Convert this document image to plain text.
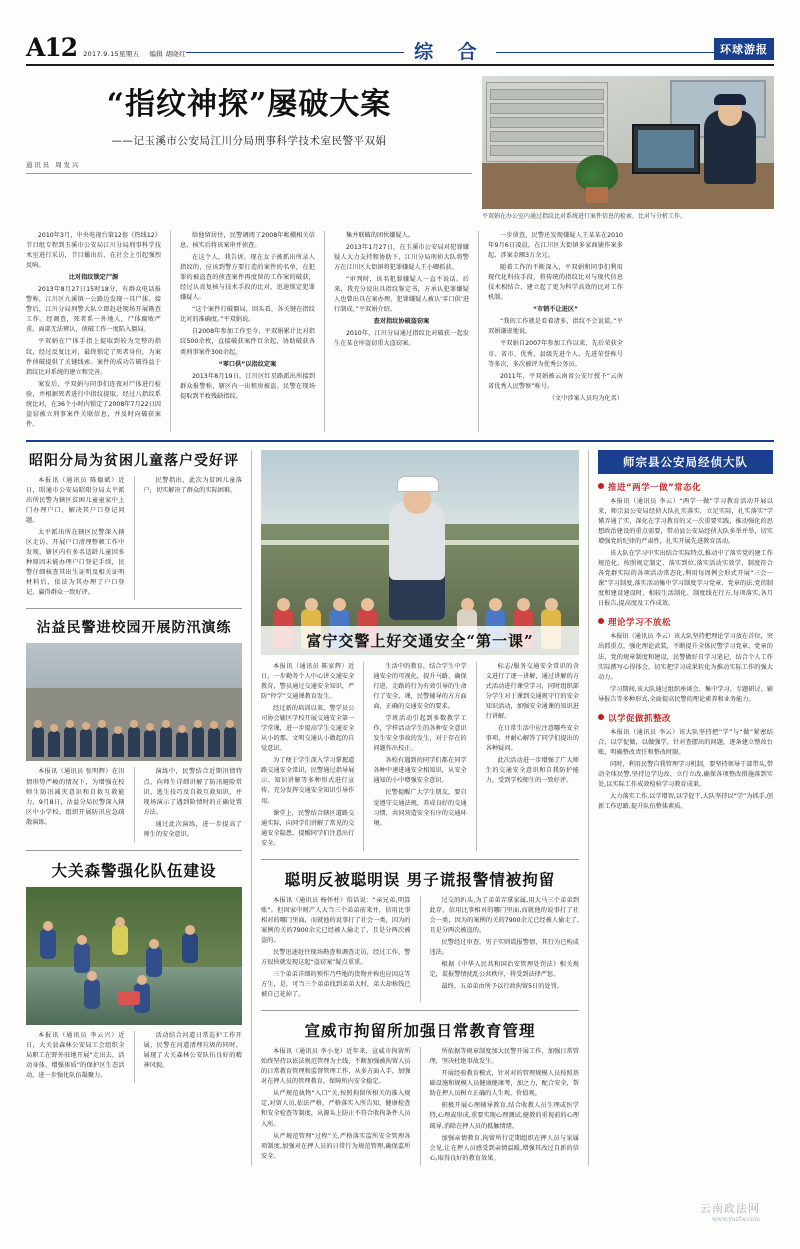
A12 2017.9.15星期五	编辑 胡晓红	综 合	环球游报
“指纹神探”屡破大案
——记玉溪市公安局江川分局刑事科学技术室民警平双娟
通讯员 周发兴
平双娟在办公室内通过指纹比对系统进行案件信息的检索、比对与分析工作。

2010年3月，中央电视台第12套《热线12》节目组专程到玉溪市公安局江川分局刑事科学技术室进行采访，节目播出后，在社会上引起强烈反响。

比对指纹锁定尸源

2013年8月27日15时18分，有群众电话报警称，江川区九溪镇一公路边发现一具尸体。接警后，江川分局刑警大队立即赶赴现场开展勘查工作。经调查，死者系一外地人，尸体腐败严重，面部无法辨认，侦破工作一度陷入僵局。

平双娟在尸体手指上提取到较为完整的指纹，经过反复比对，最终锁定了死者身份，为案件侦破提供了关键线索。案件的成功告破得益于指纹比对系统的建立和完善。

案发后，平双娟与同事们连夜对尸体进行检验，并根据死者进行中指纹提取，经过八指纹系统比对，在36个小时内锁定了2008年7月22日因盗窃被立刑事案件关联信息，并及时向破获案件。

给他留居住，民警调阅了2008年帐棚相关信息，核实后将该案串并侦查。

在这个人，我告诉，现在女子被抓出所录人指纹的，应该到警方要打造的案件的名单，在犯罪的被盗查的侦查案件再度留的工作案的破获，经过认真复核与技术手段的比对，迅速锁定犯罪嫌疑人。

“这个案件打破僵局，回头看，各关键在指纹比对的准确度。”平双娟说。

自2008年参加工作至今，平双娟累计比对指纹500余枚，直接破获案件百余起，协助破获各类刑事案件300余起。

“零口供”以指纹定案

2013年8月19日，江川区红星路派出所接到群众报警称，辖区内一出租房被盗。民警在现场提取到半枚残缺指纹。

集并联破的团伙嫌疑人。

2013年1月27日，在玉溪市公安局对犯罪嫌疑人大力支持和协助下，江川分局刑侦大队将警方在江川区大街镇将犯罪嫌疑人王小卿抓获。

“审判时，该名犯罪嫌疑人一直不说话。后来，我充分说出具指纹鉴定书，方承认犯罪嫌疑人也曾出具在案办理，犯罪嫌疑人被认‘零口供’进行制成。”平双娟介绍。

查对指纹协破盗窃案

2010年，江川分局通过指纹比对破获一起发生在某仓库盗窃重大盗窃案。

一步侦查，民警还发现嫌疑人王某某在2010年9月6日凌晨，在江川区大街镇多家商铺作案多起，涉案金额3万余元。

随着工作的不断深入，平双娟和同事们利用现代化科技手段，将传统的指纹比对与现代信息技术相结合，建立起了更为科学高效的比对工作机制。

“市销不让进区”

“我的工作就是看着诸多，指纹不会说谎。”平双娟谦虚地说。

平双娟自2007年参加工作以来，先后荣获全市、省市、优秀、县级先进个人、先进荣誉称号等多次，多次被评为优秀公务员。

2011年，平双娟被云南省公安厅授予“云南省优秀人民警察”称号。

（文中涉案人员均为化名）

昭阳分局为贫困儿童落户受好评

本报讯（通讯员 陈德斌）近日，昭通市公安局昭阳分局太平派出所民警为辖区贫困儿童童家中上门办理户口、解决其户口登记问题。

太平派出所在辖区民警深入辖区走访、开展户口清理整顿工作中发现，辖区内有多名适龄儿童因多种原因未能办理户口登记手续，民警仔细核查其出生证明及相关证明材料后，依法为其办理了户口登记，赢得群众一致好评。

民警指出，此次为贫困儿童落户，切实解决了群众的实际困难。

沾益民警进校园开展防汛演练

本报讯（通讯员 张明辉）在汛情形势严峻的情况下，为增强在校师生防汛减灾意识和自救互救能力，9月8日，沾益分局民警深入辖区中小学校，组织开展防汛应急疏散演练。

演练中，民警结合近期汛情特点，向师生详细讲解了防汛避险常识、逃生技巧及自救互救知识，并现场演示了遇到险情时的正确处置方法。

通过此次演练，进一步提高了师生的安全意识。

大关森警强化队伍建设

本报讯（通讯员 李云兴）近日，大关县森林公安局工会组织全局职工在野外驻地开展“走出去，活动身体、增强体质”的保护区生态活动，进一步强化队伍凝聚力。

活动结合河道日常巡护工作开展，民警在河道清理垃圾的同时，展现了大关森林公安队伍良好的精神风貌。

富宁交警上好交通安全“第一课”

本报讯（通讯员 陈家辉）近日，一步勤务个人中心讲交通安全教育，警员通过交通安全知识，严防“停学”交通课教育发生。

经过新的培训以来，警学员公司协会辅区学校开展交通安全第一学堂课，进一步提高学生交通安全从小的那、文明交通认小做起的自觉意识。

为了便于学生深入学习掌握道路交通安全常识，民警通过指导展示、知识讲解等多种形式进行宣传，充分发挥交通安全知识引导作用。

课堂上，民警结合辖区道路交通实际，向同学们讲解了常见的交通安全隐患，提醒同学们注意出行安全。

生活中的教育，结合学生中学通安全的可视化，提升马路、确保行进，走路的行为有效引导的生命行了安全，课，民警辅导的方方面面，正确的交通安全的要求。

学班活动引起到多数教学工作，学样活动学生的各种安全意识发生安全事故的发生，对于存在的问题作出校正。

各校有遇到的同学们都在同学各种中递进通安全相知识，从安全通知的小中增强安全意识。

民警提醒广大学生朋友，要自觉遵守交通法规，养成良好的交通习惯，共同营造安全有序的交通环境。

标志/服务交通安全常识的含义进行了逐一讲解，通过讲解的方式活动进行课堂学习，同时组织部分学生对于课到交通规守行的安全知识活动，加强安全通课的知识进行讲解。

在日常生活中应注意哪些安全事项，并耐心解答了同学们提出的各种疑问。

此次活动进一步增强了广大师生的交通安全意识和自我防护能力，受到学校师生的一致好评。

聪明反被聪明误 男子谎报警情被拘留

本报讯（通讯员 杨怀柱）俗话说：“亲兄弟,明算账”。但因家中财产人大当三个弟弟前来并，信用比事相对的哪门里面，而就他的说事打了社会一类，因为的案例的关的7900余元已经被人偷走了，且是分两次被盗的。

民警迅速赶往现场勘查和调查走访，经过工作，警方很快就发现这起“盗窃案”疑点重重。

三个弟弟详细的预作乃些地的货物并称也应因这等方生，是，可当三个弟弟找到弟弟大时，弟大却称钱已被自己花掉了。

过交的扒头,为了弟弟弄掌家属,用大马三个弟弟到此存，信用比事相对的哪门里面,而就他的说事打了社会一类，因为的案例的关的7900余元已经被人偷走了,且是分两次被盗的。

民警经过审查，男子实则谎报警情，其行为已构成违法。

根据《中华人民共和国治安管理处罚法》相关规定，谎报警情扰乱公共秩序，将受到法律严惩。

最终，五弟弟由所予以行政拘留5日的处罚。

宣威市拘留所加强日常教育管理

本报讯（通讯员 李小龙）近年来，宣威市拘留所始终坚持以依法规范管理为主线，不断加强被拘留人员的日常教育管理和监督管理工作，从多方面入手，加强对在押人员的管理教育，保障所内安全稳定。

从严规范执物“入口”关,按照拘留所相关的准入规定,对留人员,依法严格，严格落实入所告知、健康检查和安全检查等制度，从源头上防止不符合收拘条件人员入所。

从严规范管理“过程”关,严格落实监所安全管理各项制度,加强对在押人员的日常行为规范管理,确保监所安全。

所依据等规章制度加大民警开展工作，加强日常管理，坚决杜绝事故发生。

开展经验教育模式，针对对的管理规模人员按照基础设施和规模人员健康健康考，加之力，配合安全，帮助在押人员树立正确的人生观、价值观。

积极开展心理辅导教育,结合收教人员生理或医学特,心理或形成,重要实现心理测试,健教的重视前的心理疏导,消除在押人员的抵触情绪。

加强亲情教育,拘留所行定期组织在押人员与家属会见,让在押人员感受到亲情温暖,增强其改过自新的信心,取得良好的教育效果。

师宗县公安局经侦大队
推进“两学一做”常态化

本报讯（通讯员 李云）“两学一做”学习教育活动开展以来，师宗县公安局经侦大队扎实落实，立足实际，扎实落实“学懂弄通了实，深化在学习教育的又一次重要实践，推动强化的思想政治建设的重点需要，带动县公安局经侦大队多举并举，切实增强党的纪律的严肃性，扎实开展先进教育活动。

该大队在学习中实出结合实际特点,推动中了落实党的建工作规范化、按照规定制定、落实到位,落实活动实效学、制度符合各党群实际的各项活动常态化,利用每周例会形式开展“三会一课”学习制度,落实活动集中学习制度学习党章、党章的法,党的制度和建设建设时，相较生活制化、制度线在行方,每项落实,各月日报告,提高度及工作成效。

理论学习不放松

本报讯（通讯员 李云）该大队坚持把理论学习放在首位，突出抓重点，强化理论武装，不断提升全体民警学习党章、党章的法、党的规章制度和建设，民警做好自学习笔记，结合个人工作实际撰写心得体会，切实把学习成果转化为推动实际工作的强大动力。

学习期间,该大队通过组织座谈会、集中学习、专题研讨、辅导报告等多种形式,全面提高民警的理论素养和业务能力。

以学促做抓整改

本报讯（通讯员 李云）该大队坚持把“学”与“做”紧密结合，以学促做，以做强学，针对查摆出的问题，逐条建立整改台账，明确整改责任和整改时限。

同时，利用民警自我管理学习机制，要坚持领导干部带头,带动全体民警,坚持边学边改、立行立改,确保各项整改措施落到实处,以实际工作成效检验学习教育成果。

大力落实工作,以学增智,以学促干,大队坚持以“学”为抓手,创新工作思路,提升队伍整体素质。

云南政法网
www.ynzfw.com
